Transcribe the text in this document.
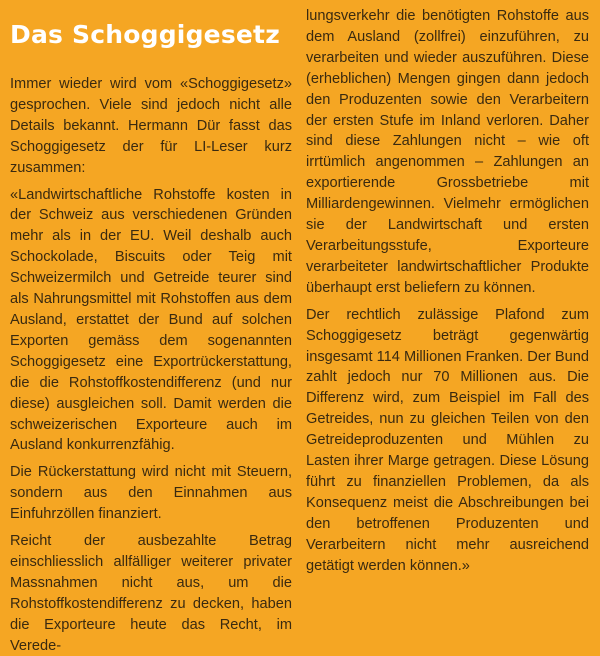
Das Schoggigesetz

Immer wieder wird vom «Schoggigesetz» gesprochen. Viele sind jedoch nicht alle Details bekannt. Hermann Dür fasst das Schoggigesetz der für LI-Leser kurz zusammen:

«Landwirtschaftliche Rohstoffe kosten in der Schweiz aus verschiedenen Gründen mehr als in der EU. Weil deshalb auch Schockolade, Biscuits oder Teig mit Schweizermilch und Getreide teurer sind als Nahrungsmittel mit Rohstoffen aus dem Ausland, erstattet der Bund auf solchen Exporten gemäss dem sogenannten Schoggigesetz eine Exportrückerstattung, die die Rohstoffkostendifferenz (und nur diese) ausgleichen soll. Damit werden die schweizerischen Exporteure auch im Ausland konkurrenzfähig.

Die Rückerstattung wird nicht mit Steuern, sondern aus den Einnahmen aus Einfuhrzöllen finanziert.

Reicht der ausbezahlte Betrag einschliesslich allfälliger weiterer privater Massnahmen nicht aus, um die Rohstoffkostendifferenz zu decken, haben die Exporteure heute das Recht, im Verede-

lungsverkehr die benötigten Rohstoffe aus dem Ausland (zollfrei) einzuführen, zu verarbeiten und wieder auszuführen. Diese (erheblichen) Mengen gingen dann jedoch den Produzenten sowie den Verarbeitern der ersten Stufe im Inland verloren. Daher sind diese Zahlungen nicht – wie oft irrtümlich angenommen – Zahlungen an exportierende Grossbetriebe mit Milliardengewinnen. Vielmehr ermöglichen sie der Landwirtschaft und ersten Verarbeitungsstufe, Exporteure verarbeiteter landwirtschaftlicher Produkte überhaupt erst beliefern zu können.

Der rechtlich zulässige Plafond zum Schoggigesetz beträgt gegenwärtig insgesamt 114 Millionen Franken. Der Bund zahlt jedoch nur 70 Millionen aus. Die Differenz wird, zum Beispiel im Fall des Getreides, nun zu gleichen Teilen von den Getreideproduzenten und Mühlen zu Lasten ihrer Marge getragen. Diese Lösung führt zu finanziellen Problemen, da als Konsequenz meist die Abschreibungen bei den betroffenen Produzenten und Verarbeitern nicht mehr ausreichend getätigt werden können.»
